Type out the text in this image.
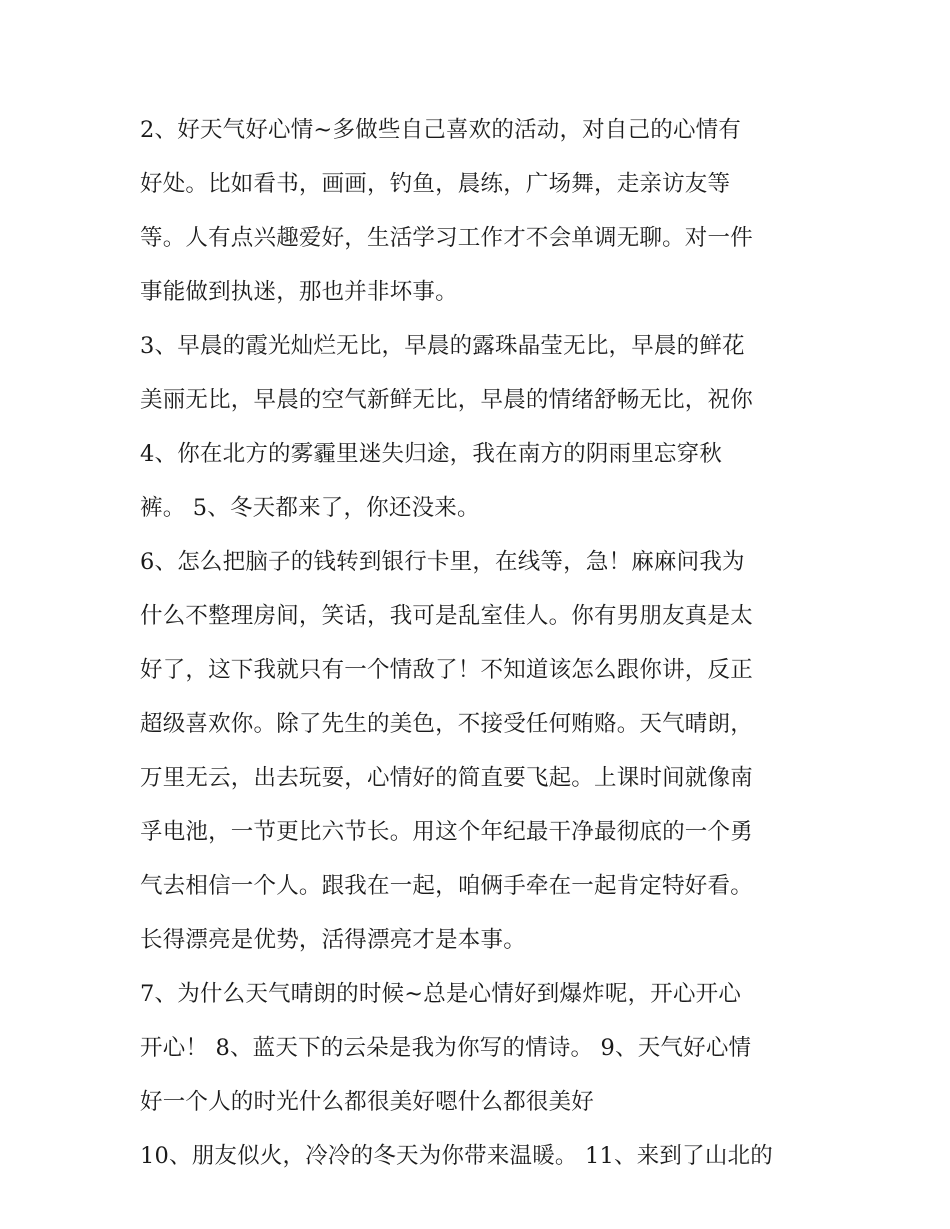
2、好天气好心情~多做些自己喜欢的活动，对自己的心情有
好处。比如看书，画画，钓鱼，晨练，广场舞，走亲访友等
等。人有点兴趣爱好，生活学习工作才不会单调无聊。对一件
事能做到执迷，那也并非坏事。
3、早晨的霞光灿烂无比，早晨的露珠晶莹无比，早晨的鲜花
美丽无比，早晨的空气新鲜无比，早晨的情绪舒畅无比，祝你
4、你在北方的雾霾里迷失归途，我在南方的阴雨里忘穿秋
裤。 5、冬天都来了，你还没来。
6、怎么把脑子的钱转到银行卡里，在线等，急！麻麻问我为
什么不整理房间，笑话，我可是乱室佳人。你有男朋友真是太
好了，这下我就只有一个情敌了！不知道该怎么跟你讲，反正
超级喜欢你。除了先生的美色，不接受任何贿赂。天气晴朗，
万里无云，出去玩耍，心情好的简直要飞起。上课时间就像南
孚电池，一节更比六节长。用这个年纪最干净最彻底的一个勇
气去相信一个人。跟我在一起，咱俩手牵在一起肯定特好看。
长得漂亮是优势，活得漂亮才是本事。
7、为什么天气晴朗的时候~总是心情好到爆炸呢，开心开心
开心！ 8、蓝天下的云朵是我为你写的情诗。 9、天气好心情
好一个人的时光什么都很美好嗯什么都很美好
10、朋友似火，冷冷的冬天为你带来温暖。 11、来到了山北的
